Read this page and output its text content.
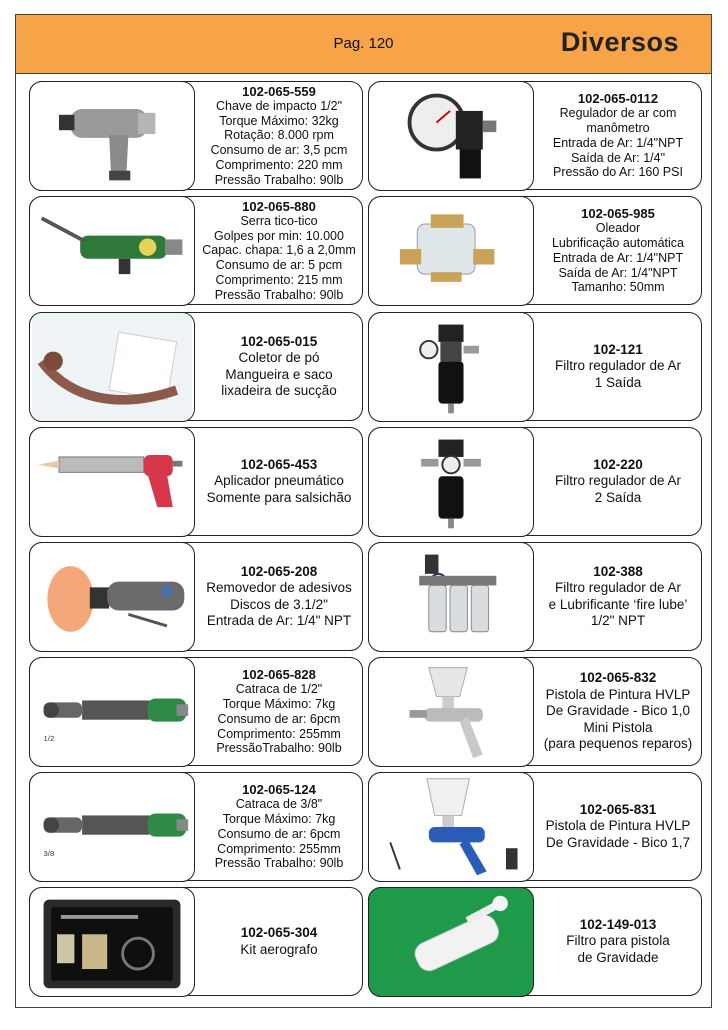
Pag. 120	Diversos
102-065-559
Chave de impacto 1/2"
Torque Máximo: 32kg
Rotação: 8.000 rpm
Consumo de ar: 3,5 pcm
Comprimento: 220 mm
Pressão Trabalho: 90lb
102-065-0112
Regulador de ar com
manômetro
Entrada de Ar: 1/4"NPT
Saída de Ar: 1/4"
Pressão do Ar: 160 PSI
102-065-880
Serra tico-tico
Golpes por min: 10.000
Capac. chapa: 1,6 a 2,0mm
Consumo de ar: 5 pcm
Comprimento: 215 mm
Pressão Trabalho: 90lb
102-065-985
Oleador
Lubrificação automática
Entrada de Ar: 1/4"NPT
Saída de Ar: 1/4"NPT
Tamanho: 50mm
102-065-015
Coletor de pó
Mangueira e saco
lixadeira de sucção
102-121
Filtro regulador de Ar
1 Saída
102-065-453
Aplicador pneumático
Somente para salsichão
102-220
Filtro regulador de Ar
2 Saída
102-065-208
Removedor de adesivos
Discos de 3.1/2"
Entrada de Ar: 1/4" NPT
102-388
Filtro regulador de Ar
e Lubrificante ‘fire lube’
1/2" NPT
1/2
102-065-828
Catraca de 1/2"
Torque Máximo: 7kg
Consumo de ar: 6pcm
Comprimento: 255mm
PressãoTrabalho: 90lb
102-065-832
Pistola de Pintura HVLP
De Gravidade - Bico 1,0
Mini Pistola
(para pequenos reparos)
3/8
102-065-124
Catraca de 3/8"
Torque Máximo: 7kg
Consumo de ar: 6pcm
Comprimento: 255mm
Pressão Trabalho: 90lb
102-065-831
Pistola de Pintura HVLP
De Gravidade - Bico 1,7
102-065-304
Kit aerografo
102-149-013
Filtro para pistola
de Gravidade
